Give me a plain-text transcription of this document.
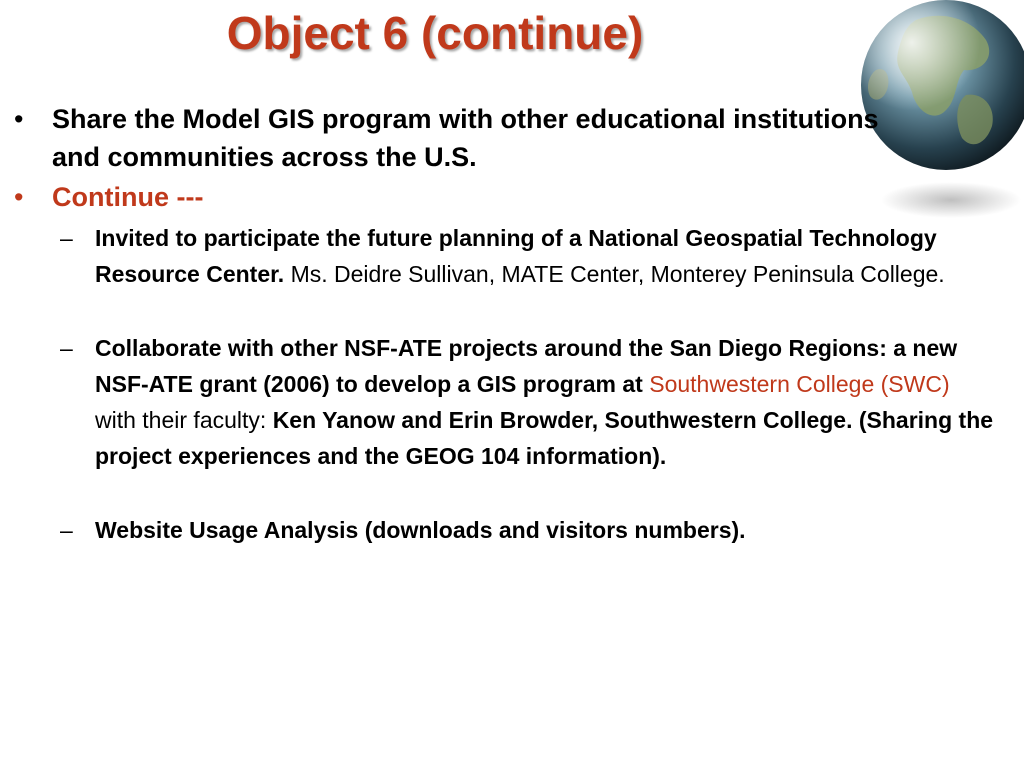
Object 6 (continue)
• Share the Model GIS program with other educational institutions and communities across the U.S.
• Continue ---
– Invited to participate the future planning of a National Geospatial Technology Resource Center. Ms. Deidre Sullivan, MATE Center, Monterey Peninsula College.
– Collaborate with other NSF-ATE projects around the San Diego Regions: a new NSF-ATE grant (2006) to develop a GIS program at Southwestern College (SWC) with their faculty: Ken Yanow and Erin Browder, Southwestern College. (Sharing the project experiences and the GEOG 104 information).
– Website Usage Analysis (downloads and visitors numbers).
